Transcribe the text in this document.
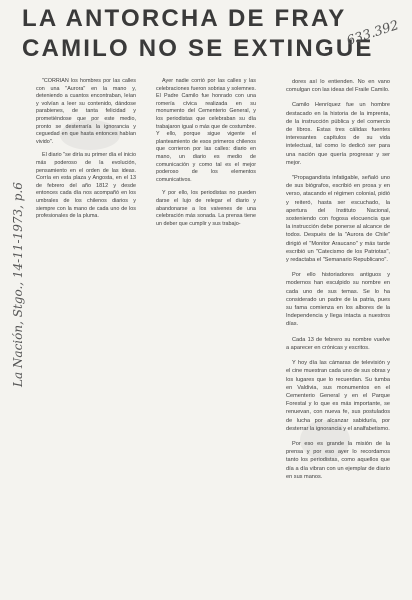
LA ANTORCHA DE FRAY
CAMILO NO SE EXTINGUE
633.392
La Nación, Stgo., 14-11-1973, p.6

"CORRIAN los hombres por las calles con una "Aurora" en la mano y, deteniendo a cuantos encontraban, leían y volvían a leer su contenido, dándose parabienes, de tanta felicidad y prometiéndose que por este medio, pronto se desterraría la ignorancia y ceguedad en que hasta entonces habían vivido".

El diario "se diría su primer día el inicio más poderoso de la evolución, pensamiento en el orden de las ideas. Corría en esta plaza y Angosta, en el 13 de febrero del año 1812 y desde entonces cada día nos acompañó en los umbrales de los chilenos diarios y siempre con la mano de cada uno de los profesionales de la pluma.

Ayer nadie corrió por las calles y las celebraciones fueron sobrias y solemnes. El Padre Camilo fue honrado con una romería cívica realizada en su monumento del Cementerio General, y los periodistas que celebraban su día trabajaron igual o más que de costumbre. Y ello, porque sigue vigente el planteamiento de esos primeros chilenos que corrieron por las calles: diario en mano, un diario es medio de comunicación y como tal es el mejor poderoso de los elementos comunicativos.

Y por ello, los periodistas no pueden darse el lujo de relegar el diario y abandonarse a los vaivenes de una celebración más sonada. La prensa tiene un deber que cumplir y sus trabajo-

dores así lo entienden. No en vano comulgan con las ideas del Fraile Camilo.

Camilo Henríquez fue un hombre destacado en la historia de la imprenta, de la instrucción pública y del comercio de libros. Estas tres cálidas fuentes interesantes capítulos de su vida intelectual, tal como lo dedicó ser para una nación que quería progresar y ser mejor.

"Propagandista infatigable, señaló uno de sus biógrafos, escribió en prosa y en verso, atacando el régimen colonial, pidió y reiteró, hasta ser escuchado, la apertura del Instituto Nacional, sosteniendo con fogosa elocuencia que la instrucción debe ponerse al alcance de todos. Después de la "Aurora de Chile" dirigió el "Monitor Araucano" y más tarde escribió un "Catecismo de los Patriotas", y redactaba el "Semanario Republicano".

Por ello historiadores antiguos y modernos han esculpido su nombre en cada uno de sus temas. Se lo ha considerado un padre de la patria, pues su fama comienza en los albores de la Independencia y llega intacta a nuestros días.

Cada 13 de febrero su nombre vuelve a aparecer en crónicas y escritos.

Y hoy día las cámaras de televisión y el cine muestran cada uno de sus obras y los lugares que lo recuerdan. Su tumba en Valdivia, sus monumentos en el Cementerio General y en el Parque Forestal y lo que es más importante, se renuevan, con nueva fe, sus postulados de lucha por alcanzar sabiduría, por desterrar la ignorancia y el analfabetismo.

Por eso es grande la misión de la prensa y por eso ayer lo recordamos tanto los periodistas, como aquellos que día a día vibran con un ejemplar de diario en sus manos.
